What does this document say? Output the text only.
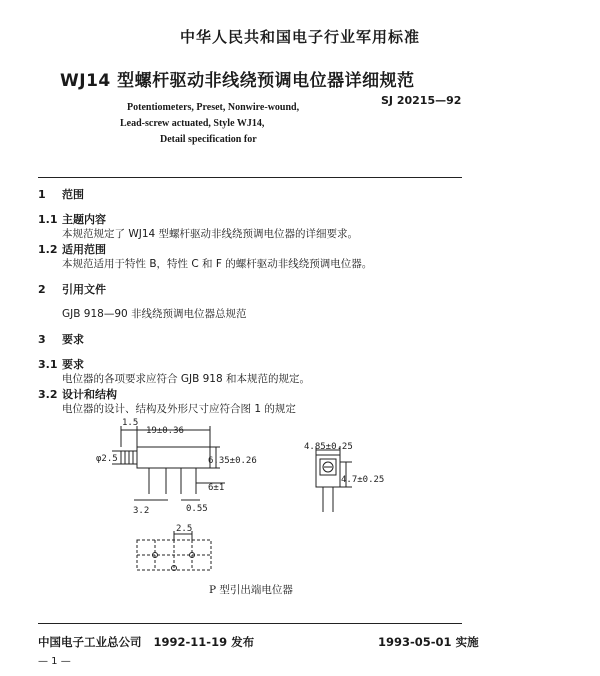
中华人民共和国电子行业军用标准
WJ14 型螺杆驱动非线绕预调电位器详细规范
SJ 20215—92
Potentiometers, Preset, Nonwire-wound,
Lead-screw actuated, Style WJ14,
Detail specification for
1 范围
1.1 主题内容
本规范规定了 WJ14 型螺杆驱动非线绕预调电位器的详细要求。
1.2 适用范围
本规范适用于特性 B，特性 C 和 F 的螺杆驱动非线绕预调电位器。
2 引用文件
GJB 918—90 非线绕预调电位器总规范
3 要求
3.1 要求
电位器的各项要求应符合 GJB 918 和本规范的规定。
3.2 设计和结构
电位器的设计、结构及外形尺寸应符合图 1 的规定
1.5
19±0.36
φ2.5	6.35±0.26
6±1
3.2	0.55
4.85±0.25
4.7±0.25
2.5
P 型引出端电位器
中国电子工业总公司 1992-11-19 发布	1993-05-01 实施
— 1 —
